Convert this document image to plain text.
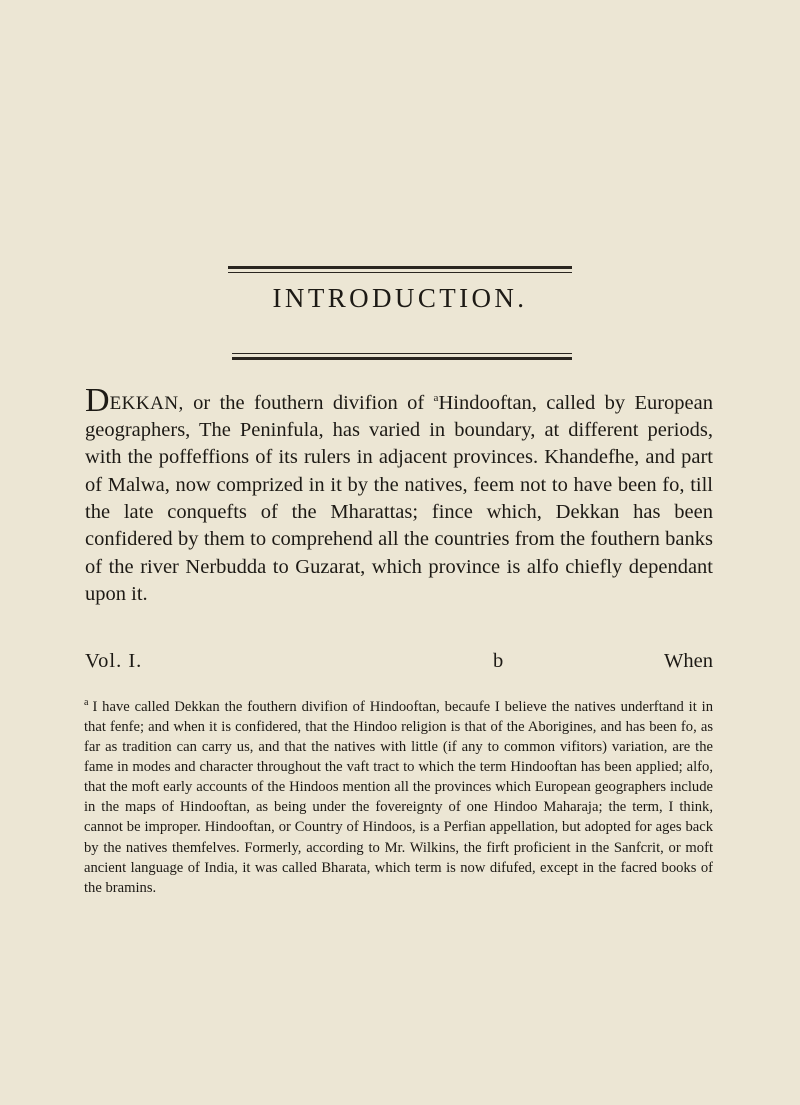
INTRODUCTION.
DEKKAN, or the fouthern divifion of $^a$Hindooftan, called by European geographers, The Peninfula, has varied in boundary, at different periods, with the poffeffions of its rulers in adjacent provinces. Khandefhe, and part of Malwa, now comprized in it by the natives, feem not to have been fo, till the late conquefts of the Mharattas; fince which, Dekkan has been confidered by them to comprehend all the countries from the fouthern banks of the river Nerbudda to Guzarat, which province is alfo chiefly dependant upon it.
Vol. I.	b	When
$^a$ I have called Dekkan the fouthern divifion of Hindooftan, becaufe I believe the natives underftand it in that fenfe; and when it is confidered, that the Hindoo religion is that of the Aborigines, and has been fo, as far as tradition can carry us, and that the natives with little (if any to common vifitors) variation, are the fame in modes and character throughout the vaft tract to which the term Hindooftan has been applied; alfo, that the moft early accounts of the Hindoos mention all the provinces which European geographers include in the maps of Hindooftan, as being under the fovereignty of one Hindoo Maharaja; the term, I think, cannot be improper. Hindooftan, or Country of Hindoos, is a Perfian appellation, but adopted for ages back by the natives themfelves. Formerly, according to Mr. Wilkins, the firft proficient in the Sanfcrit, or moft ancient language of India, it was called Bharata, which term is now difufed, except in the facred books of the bramins.
